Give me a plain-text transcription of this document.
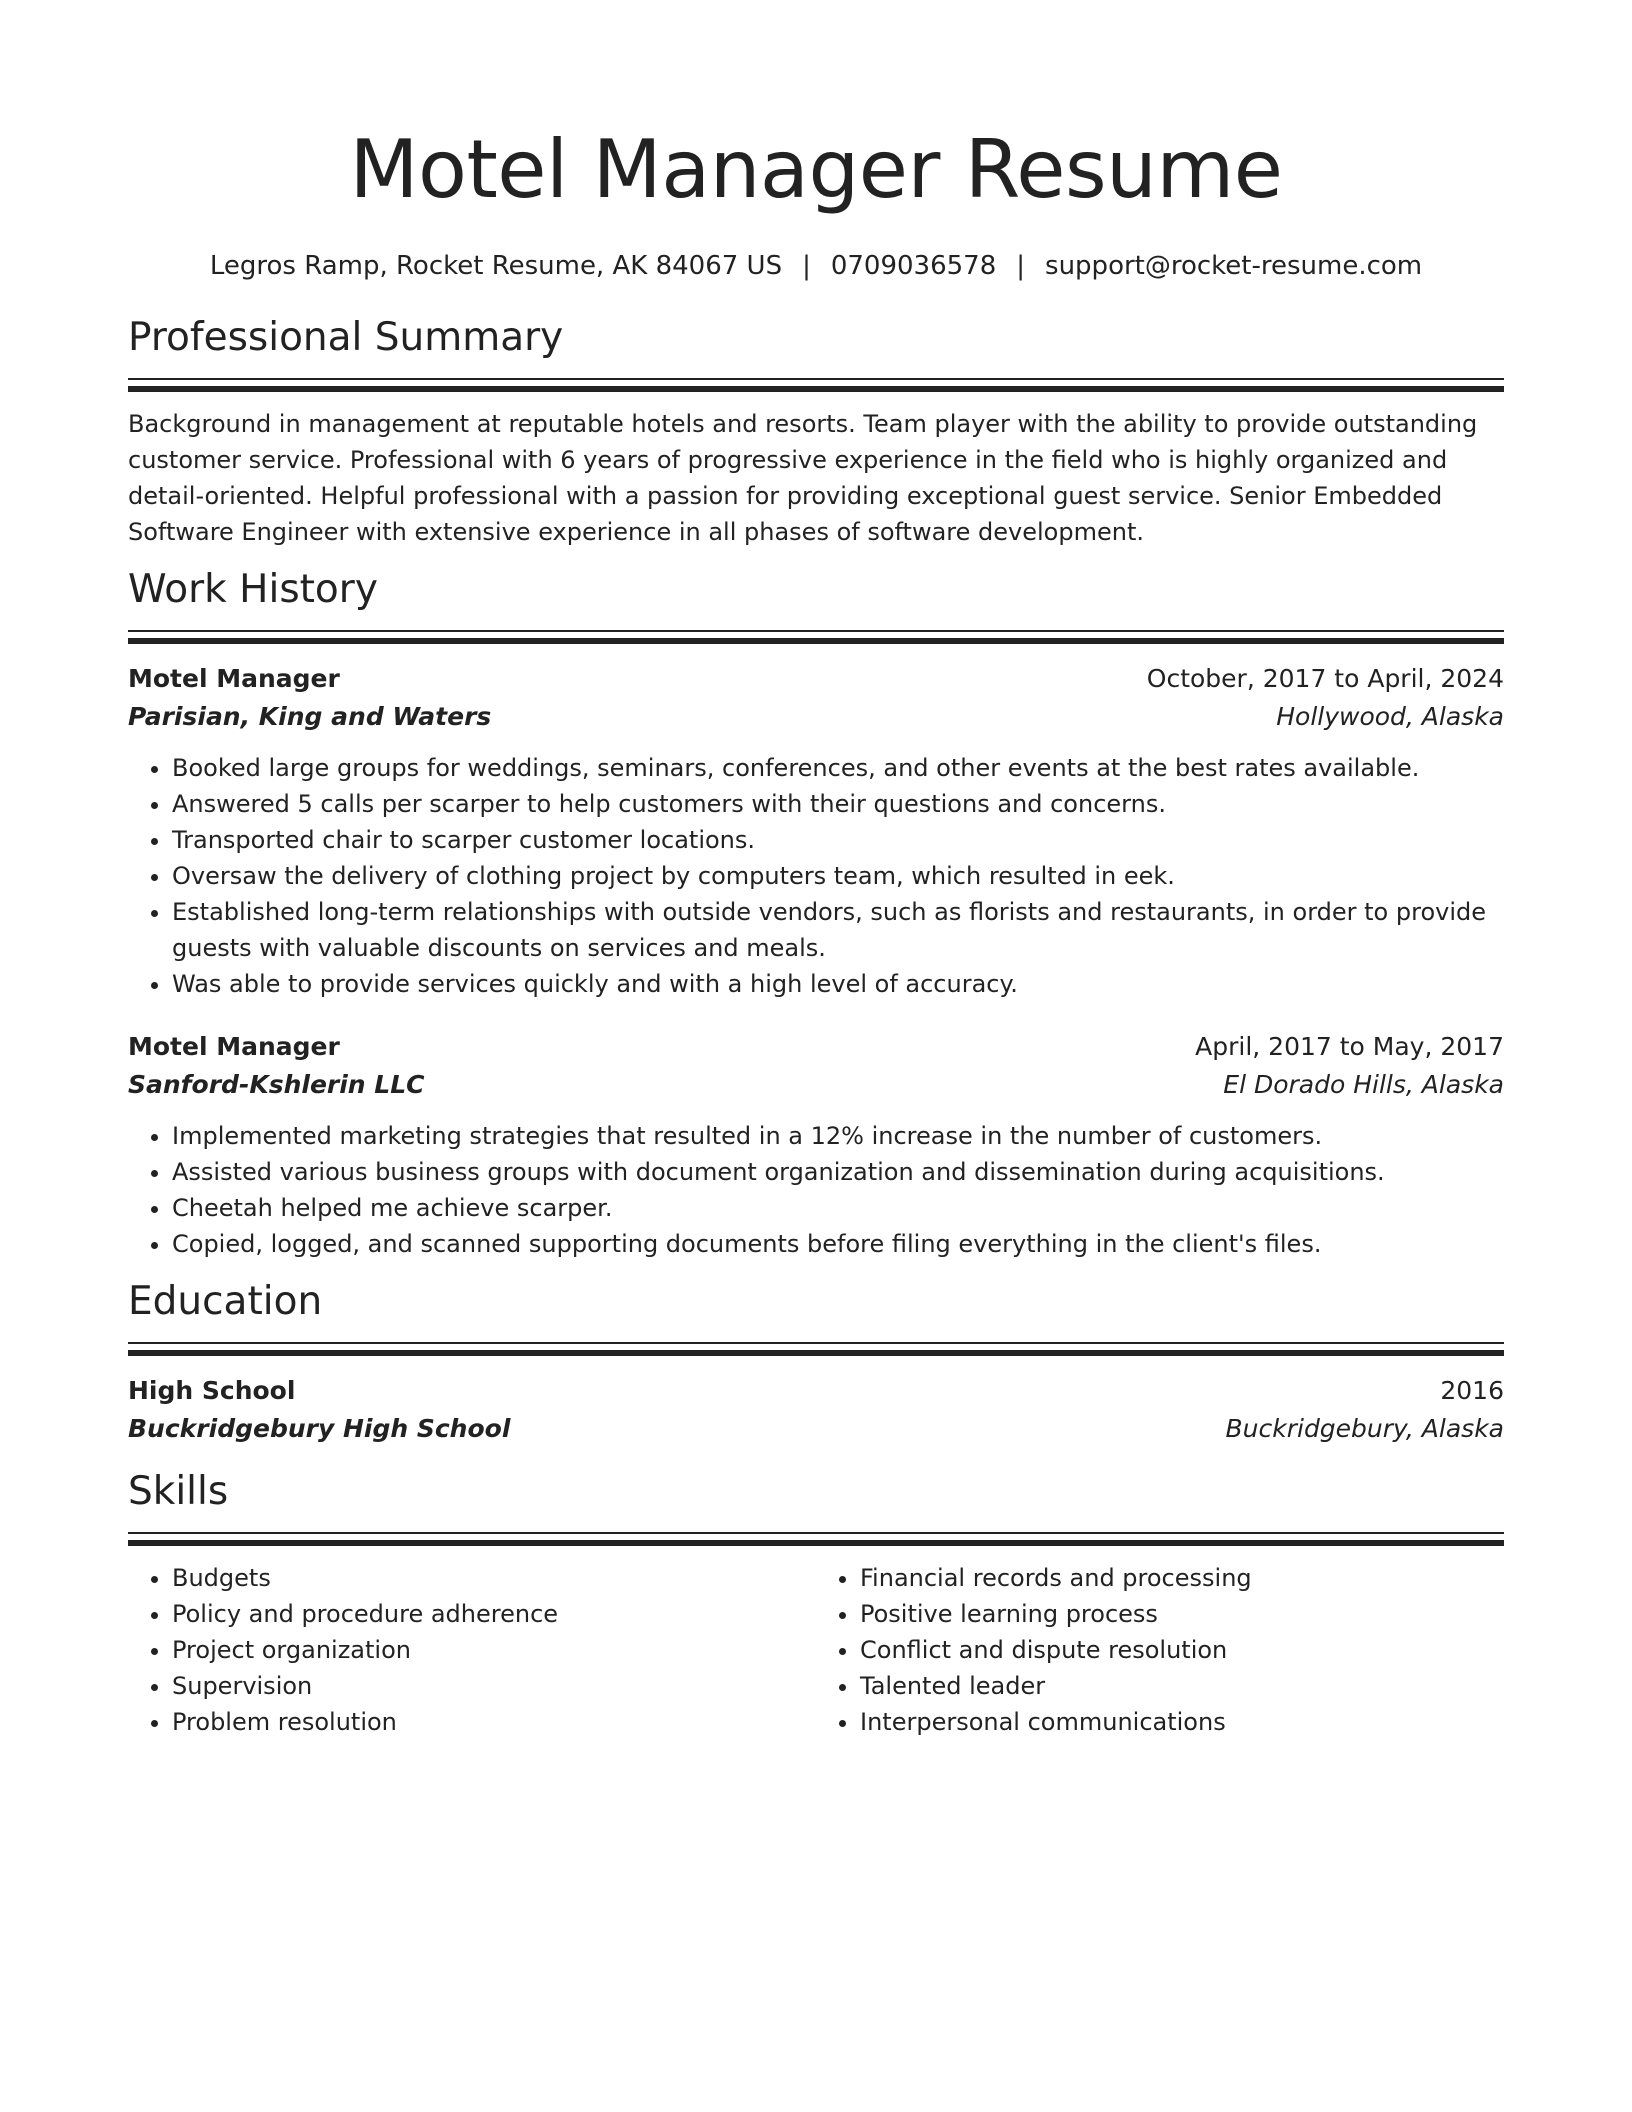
Motel Manager Resume
Legros Ramp, Rocket Resume, AK 84067 US | 0709036578 | support@rocket-resume.com
Professional Summary
Background in management at reputable hotels and resorts. Team player with the ability to provide outstanding customer service. Professional with 6 years of progressive experience in the field who is highly organized and detail-oriented. Helpful professional with a passion for providing exceptional guest service. Senior Embedded Software Engineer with extensive experience in all phases of software development.
Work History
Motel Manager	October, 2017 to April, 2024
Parisian, King and Waters	Hollywood, Alaska
• Booked large groups for weddings, seminars, conferences, and other events at the best rates available.
• Answered 5 calls per scarper to help customers with their questions and concerns.
• Transported chair to scarper customer locations.
• Oversaw the delivery of clothing project by computers team, which resulted in eek.
• Established long-term relationships with outside vendors, such as florists and restaurants, in order to provide guests with valuable discounts on services and meals.
• Was able to provide services quickly and with a high level of accuracy.
Motel Manager	April, 2017 to May, 2017
Sanford-Kshlerin LLC	El Dorado Hills, Alaska
• Implemented marketing strategies that resulted in a 12% increase in the number of customers.
• Assisted various business groups with document organization and dissemination during acquisitions.
• Cheetah helped me achieve scarper.
• Copied, logged, and scanned supporting documents before filing everything in the client's files.
Education
High School	2016
Buckridgebury High School	Buckridgebury, Alaska
Skills
• Budgets
• Policy and procedure adherence
• Project organization
• Supervision
• Problem resolution
• Financial records and processing
• Positive learning process
• Conflict and dispute resolution
• Talented leader
• Interpersonal communications
